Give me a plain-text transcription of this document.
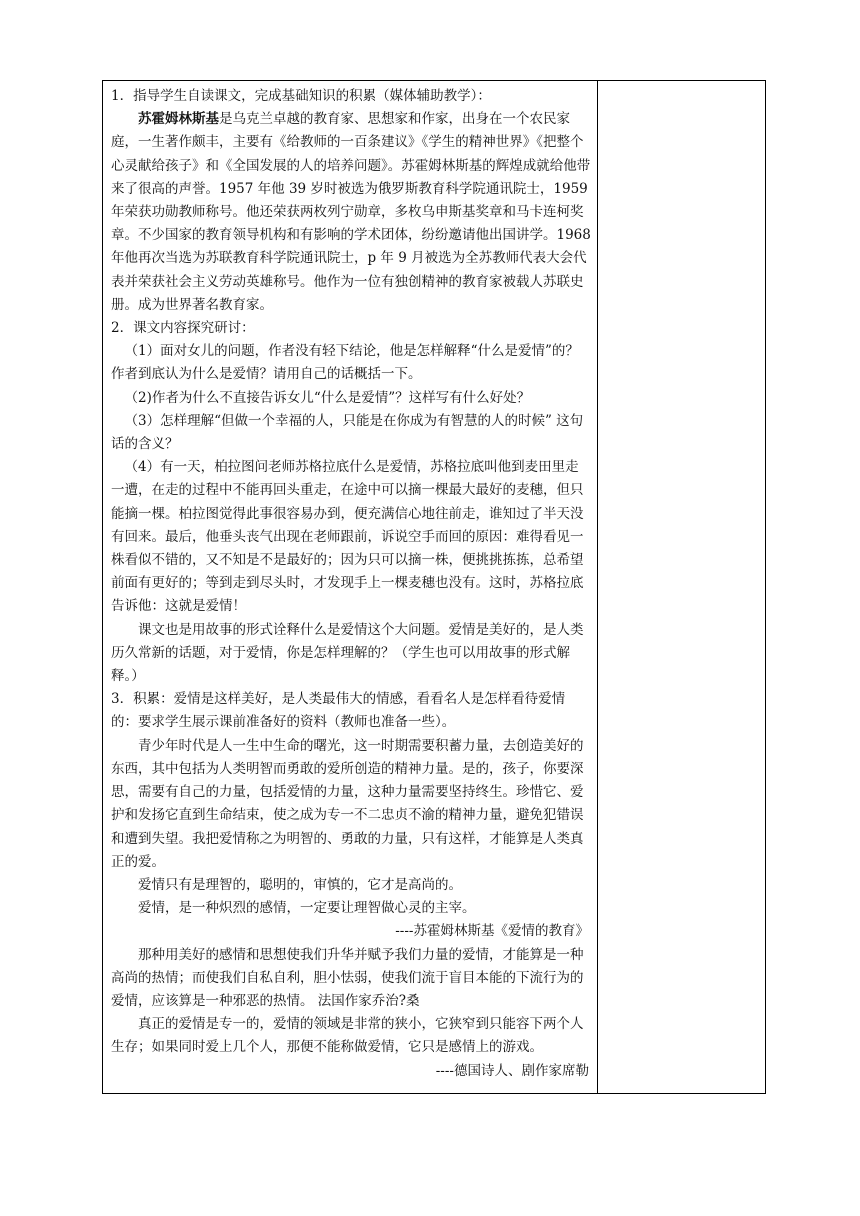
1．指导学生自读课文，完成基础知识的积累（媒体辅助教学）：

苏霍姆林斯基是乌克兰卓越的教育家、思想家和作家，出身在一个农民家庭，一生著作颇丰，主要有《给教师的一百条建议》《学生的精神世界》《把整个心灵献给孩子》和《全国发展的人的培养问题》。苏霍姆林斯基的辉煌成就给他带来了很高的声誉。1957 年他 39 岁时被选为俄罗斯教育科学院通讯院士，1959 年荣获功勋教师称号。他还荣获两枚列宁勋章，多枚乌申斯基奖章和马卡连柯奖章。不少国家的教育领导机构和有影响的学术团体，纷纷邀请他出国讲学。1968 年他再次当选为苏联教育科学院通讯院士，p 年 9 月被选为全苏教师代表大会代表并荣获社会主义劳动英雄称号。他作为一位有独创精神的教育家被载人苏联史册。成为世界著名教育家。

2．课文内容探究研讨：

（1）面对女儿的问题，作者没有轻下结论，他是怎样解释“什么是爱情”的？作者到底认为什么是爱情？请用自己的话概括一下。

（2)作者为什么不直接告诉女儿“什么是爱情”？这样写有什么好处？

（3）怎样理解“但做一个幸福的人，只能是在你成为有智慧的人的时候” 这句话的含义？

（4）有一天，柏拉图问老师苏格拉底什么是爱情，苏格拉底叫他到麦田里走一遭，在走的过程中不能再回头重走，在途中可以摘一棵最大最好的麦穗，但只能摘一棵。柏拉图觉得此事很容易办到，便充满信心地往前走，谁知过了半天没有回来。最后，他垂头丧气出现在老师跟前，诉说空手而回的原因：难得看见一株看似不错的，又不知是不是最好的；因为只可以摘一株，便挑挑拣拣，总希望前面有更好的；等到走到尽头时，才发现手上一棵麦穗也没有。这时，苏格拉底告诉他：这就是爱情！

课文也是用故事的形式诠释什么是爱情这个大问题。爱情是美好的，是人类历久常新的话题，对于爱情，你是怎样理解的？（学生也可以用故事的形式解释。）

3．积累：爱情是这样美好，是人类最伟大的情感，看看名人是怎样看待爱情的：要求学生展示课前准备好的资料（教师也准备一些）。

青少年时代是人一生中生命的曙光，这一时期需要积蓄力量，去创造美好的东西，其中包括为人类明智而勇敢的爱所创造的精神力量。是的，孩子，你要深思，需要有自己的力量，包括爱情的力量，这种力量需要坚持终生。珍惜它、爱护和发扬它直到生命结束，使之成为专一不二忠贞不渝的精神力量，避免犯错误和遭到失望。我把爱情称之为明智的、勇敢的力量，只有这样，才能算是人类真正的爱。

爱情只有是理智的，聪明的，审慎的，它才是高尚的。

爱情，是一种炽烈的感情，一定要让理智做心灵的主宰。

----苏霍姆林斯基《爱情的教育》

那种用美好的感情和思想使我们升华并赋予我们力量的爱情，才能算是一种高尚的热情；而使我们自私自利，胆小怯弱，使我们流于盲目本能的下流行为的爱情，应该算是一种邪恶的热情。 法国作家乔治?桑

真正的爱情是专一的，爱情的领域是非常的狭小，它狭窄到只能容下两个人生存；如果同时爱上几个人，那便不能称做爱情，它只是感情上的游戏。

----德国诗人、剧作家席勒
